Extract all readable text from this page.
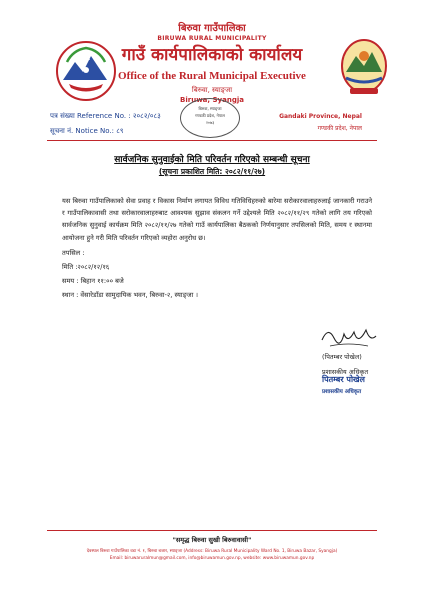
बिरुवा गाउँपालिका
BIRUWA RURAL MUNICIPALITY
गाउँ कार्यपालिकाको कार्यालय
Office of the Rural Municipal Executive
बिरुवा, स्याङ्जा
Biruwa, Syangja
पत्र संख्या Reference No. : २०८२/०८३
सूचना नं. Notice No.: ८९
Gandaki Province, Nepal
गण्डकी प्रदेश, नेपाल
बिरुवा, स्याङ्जा
गण्डकी प्रदेश, नेपाल
२०७३
सार्वजनिक सुनुवाईको मिति परिवर्तन गरिएको सम्बन्धी सूचना
(सूचना प्रकाशित मिति: २०८२/११/२७)
यस बिरुवा गाउँपालिकाको सेवा प्रवाह र विकास निर्माण लगायत विविध गतिविधिहरुको बारेमा सरोकारवालाहरुलाई जानकारी गराउने र गाउँपालिकावासी तथा सरोकारवालाहरुबाट आवश्यक सुझाव संकलन गर्ने उद्देश्यले मिति २०८२/११/२९ गतेको लागि तय गरिएको सार्वजनिक सुनुवाई कार्यक्रम मिति २०८२/११/२७ गतेको गाउँ कार्यपालिका बैठकको निर्णयानुसार तपसिलको मिति, समय र स्थानमा आयोजना हुने गरी मिति परिवर्तन गरिएको व्यहोरा अनुरोध छ।
तपसिल :
मिति :२०८२/१२/१६
समय : बिहान ११:०० बजे
स्थान : वेंसारेडाँडा सामुदायिक भवन, बिरुवा-२, स्याङ्जा ।
(पितम्बर पोखेल)
प्रशासकीय अधिकृत
पितम्बर पोखेल
प्रशासकीय अधिकृत
"समृद्ध बिरुवा सुखी बिरुवावासी"
देवस्थल बिरुवा गाउँपालिका वडा नं. १, बिरुवा बजार, स्याङ्जा (Address: Biruwa Rural Municipality Ward No. 1, Biruwa Bazar, Syangja)
Email: biruwaruralmun@gmail.com, info@biruwamun.gov.np, website: www.biruwamun.gov.np
